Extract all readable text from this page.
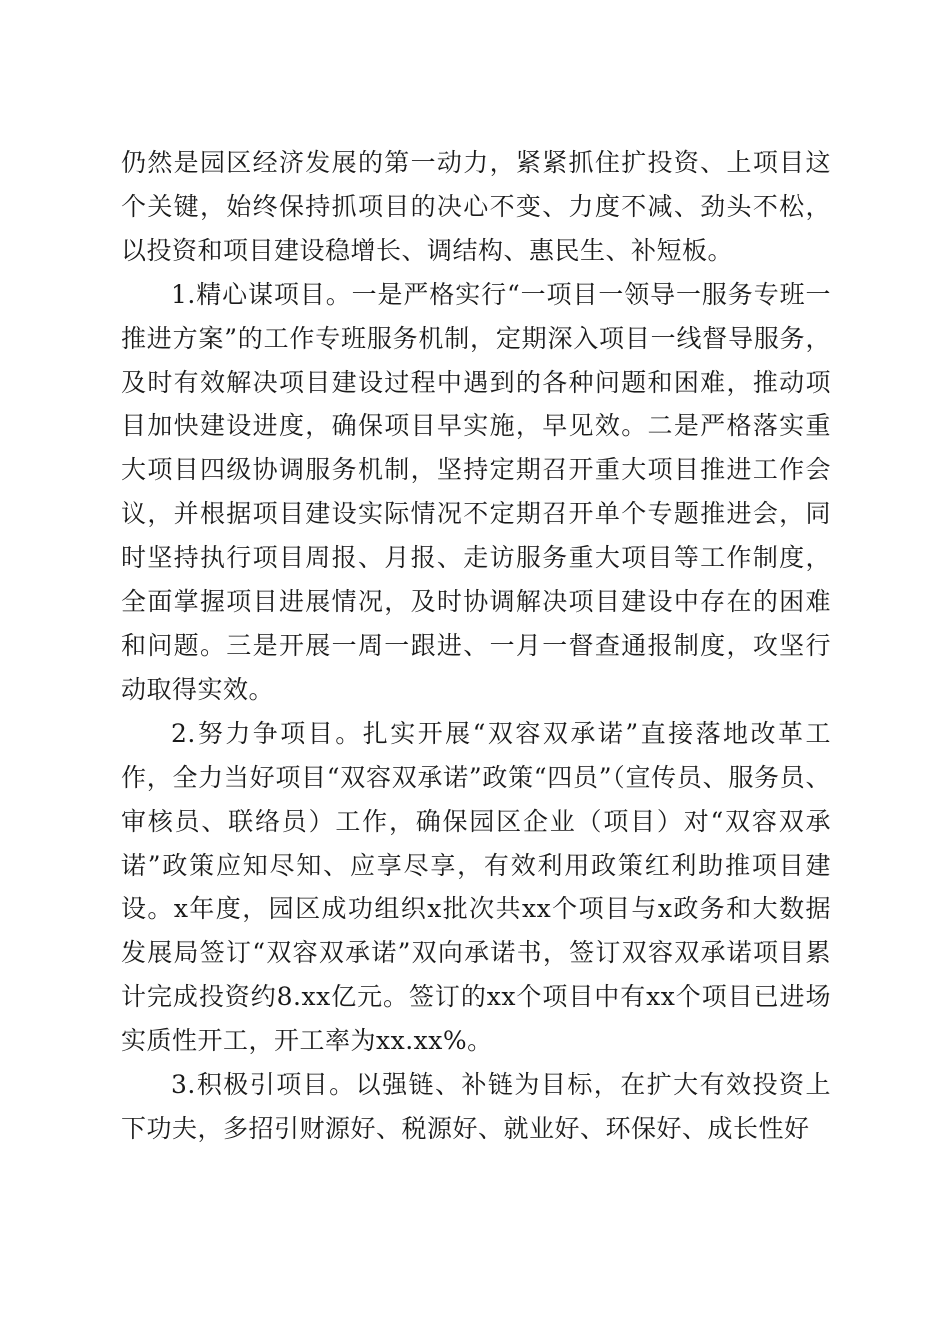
仍然是园区经济发展的第一动力，紧紧抓住扩投资、上项目这个关键，始终保持抓项目的决心不变、力度不减、劲头不松，以投资和项目建设稳增长、调结构、惠民生、补短板。

1.精心谋项目。一是严格实行“一项目一领导一服务专班一推进方案”的工作专班服务机制，定期深入项目一线督导服务，及时有效解决项目建设过程中遇到的各种问题和困难，推动项目加快建设进度，确保项目早实施，早见效。二是严格落实重大项目四级协调服务机制，坚持定期召开重大项目推进工作会议，并根据项目建设实际情况不定期召开单个专题推进会，同时坚持执行项目周报、月报、走访服务重大项目等工作制度，全面掌握项目进展情况，及时协调解决项目建设中存在的困难和问题。三是开展一周一跟进、一月一督查通报制度，攻坚行动取得实效。

2.努力争项目。扎实开展“双容双承诺”直接落地改革工作，全力当好项目“双容双承诺”政策“四员”（宣传员、服务员、审核员、联络员）工作，确保园区企业（项目）对“双容双承诺”政策应知尽知、应享尽享，有效利用政策红利助推项目建设。x年度，园区成功组织x批次共xx个项目与x政务和大数据发展局签订“双容双承诺”双向承诺书，签订双容双承诺项目累计完成投资约8.xx亿元。签订的xx个项目中有xx个项目已进场实质性开工，开工率为xx.xx%。

3.积极引项目。以强链、补链为目标，在扩大有效投资上下功夫，多招引财源好、税源好、就业好、环保好、成长性好
